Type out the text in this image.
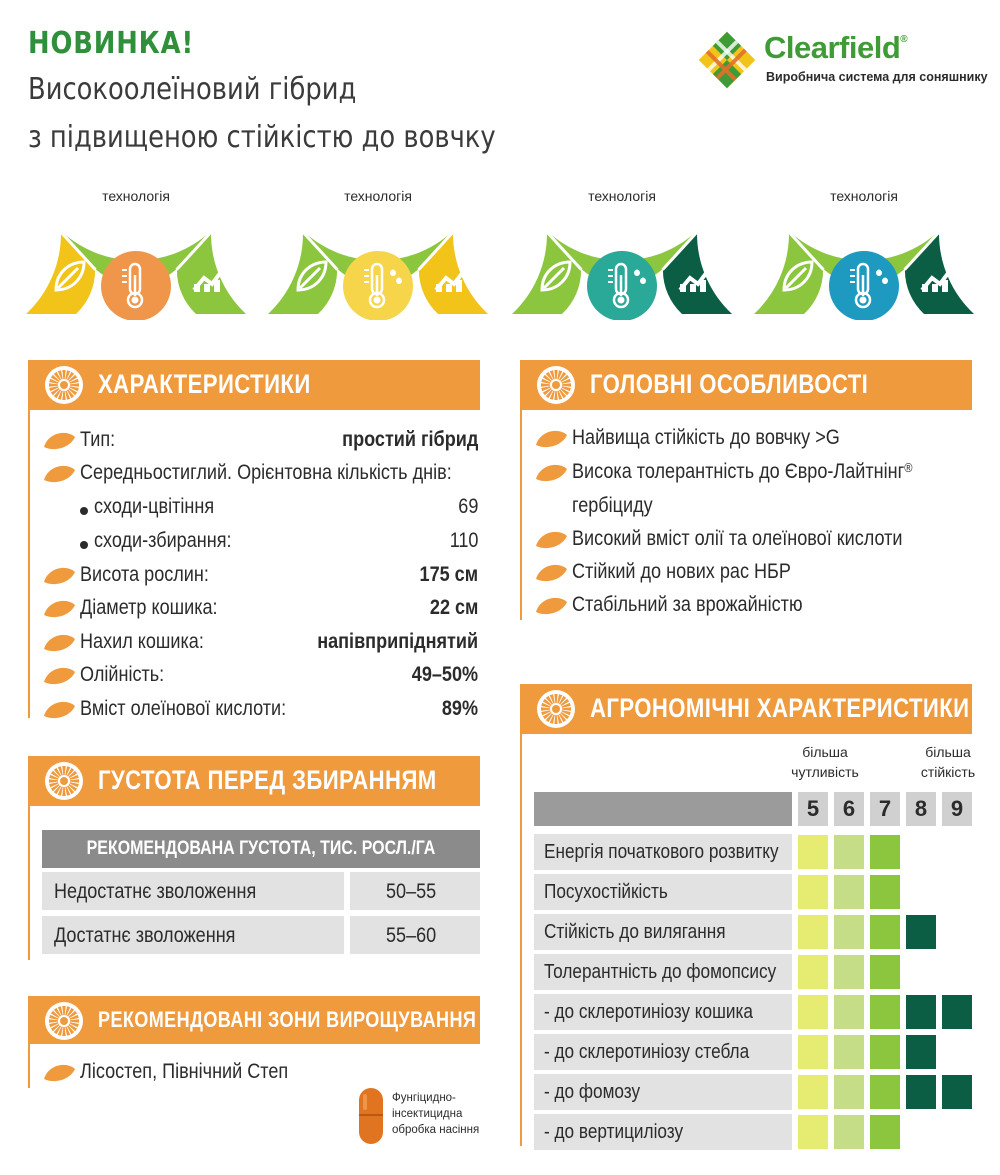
НОВИНКА!
Високоолеїновий гібрид
з підвищеною стійкістю до вовчку
Clearfield®
Виробнича система для соняшнику
технологія	технологія	технологія	технологія
ХАРАКТЕРИСТИКИ
Тип:	простий гібрид
Середньостиглий. Орієнтовна кількість днів:
сходи-цвітіння	69
сходи-збирання:	110
Висота рослин:	175 см
Діаметр кошика:	22 см
Нахил кошика:	напівприпіднятий
Олійність:	49–50%
Вміст олеїнової кислоти:	89%
ГОЛОВНІ ОСОБЛИВОСТІ
Найвища стійкість до вовчку >G
Висока толерантність до Євро-Лайтнінг®
гербіциду
Високий вміст олії та олеїнової кислоти
Стійкий до нових рас НБР
Стабільний за врожайністю
ГУСТОТА ПЕРЕД ЗБИРАННЯМ
РЕКОМЕНДОВАНА ГУСТОТА, ТИС. РОСЛ./ГА
Недостатнє зволоження	50–55
Достатнє зволоження	55–60
РЕКОМЕНДОВАНІ ЗОНИ ВИРОЩУВАННЯ
Лісостеп, Північний Степ
Фунгіцидно-
інсектицидна
обробка насіння
АГРОНОМІЧНІ ХАРАКТЕРИСТИКИ
більша
чутливість
більша
стійкість
5	6	7	8	9
Енергія початкового розвитку
Посухостійкість
Стійкість до вилягання
Толерантність до фомопсису
- до склеротиніозу кошика
- до склеротиніозу стебла
- до фомозу
- до вертициліозу
